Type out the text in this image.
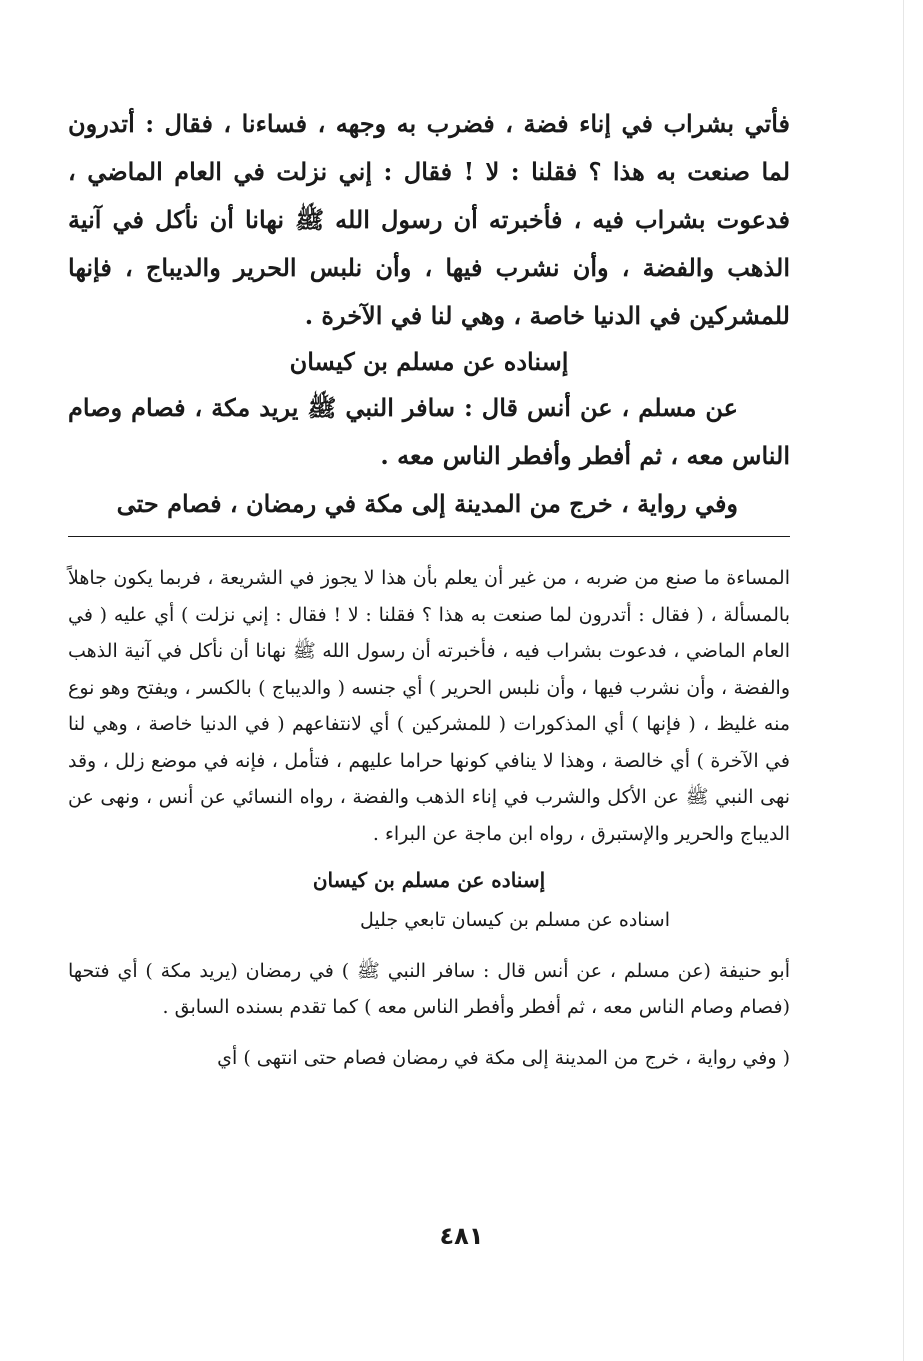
فأتي بشراب في إناء فضة ، فضرب به وجهه ، فساءنا ، فقال : أتدرون لما صنعت به هذا ؟ فقلنا : لا ! فقال : إني نزلت في العام الماضي ، فدعوت بشراب فيه ، فأخبرته أن رسول الله ﷺ نهانا أن نأكل في آنية الذهب والفضة ، وأن نشرب فيها ، وأن نلبس الحرير والديباج ، فإنها للمشركين في الدنيا خاصة ، وهي لنا في الآخرة .

إسناده عن مسلم بن كيسان

عن مسلم ، عن أنس قال : سافر النبي ﷺ يريد مكة ، فصام وصام الناس معه ، ثم أفطر وأفطر الناس معه .

وفي رواية ، خرج من المدينة إلى مكة في رمضان ، فصام حتى

المساءة ما صنع من ضربه ، من غير أن يعلم بأن هذا لا يجوز في الشريعة ، فربما يكون جاهلاً بالمسألة ، ( فقال : أتدرون لما صنعت به هذا ؟ فقلنا : لا ! فقال : إني نزلت ) أي عليه ( في العام الماضي ، فدعوت بشراب فيه ، فأخبرته أن رسول الله ﷺ نهانا أن نأكل في آنية الذهب والفضة ، وأن نشرب فيها ، وأن نلبس الحرير ) أي جنسه ( والديباج ) بالكسر ، ويفتح وهو نوع منه غليظ ، ( فإنها ) أي المذكورات ( للمشركين ) أي لانتفاعهم ( في الدنيا خاصة ، وهي لنا في الآخرة ) أي خالصة ، وهذا لا ينافي كونها حراما عليهم ، فتأمل ، فإنه في موضع زلل ، وقد نهى النبي ﷺ عن الأكل والشرب في إناء الذهب والفضة ، رواه النسائي عن أنس ، ونهى عن الديباج والحرير والإستبرق ، رواه ابن ماجة عن البراء .

إسناده عن مسلم بن كيسان

اسناده عن مسلم بن كيسان تابعي جليل

أبو حنيفة (عن مسلم ، عن أنس قال : سافر النبي ﷺ ) في رمضان (يريد مكة ) أي فتحها (فصام وصام الناس معه ، ثم أفطر وأفطر الناس معه ) كما تقدم بسنده السابق .

( وفي رواية ، خرج من المدينة إلى مكة في رمضان فصام حتى انتهى ) أي

٤٨١
